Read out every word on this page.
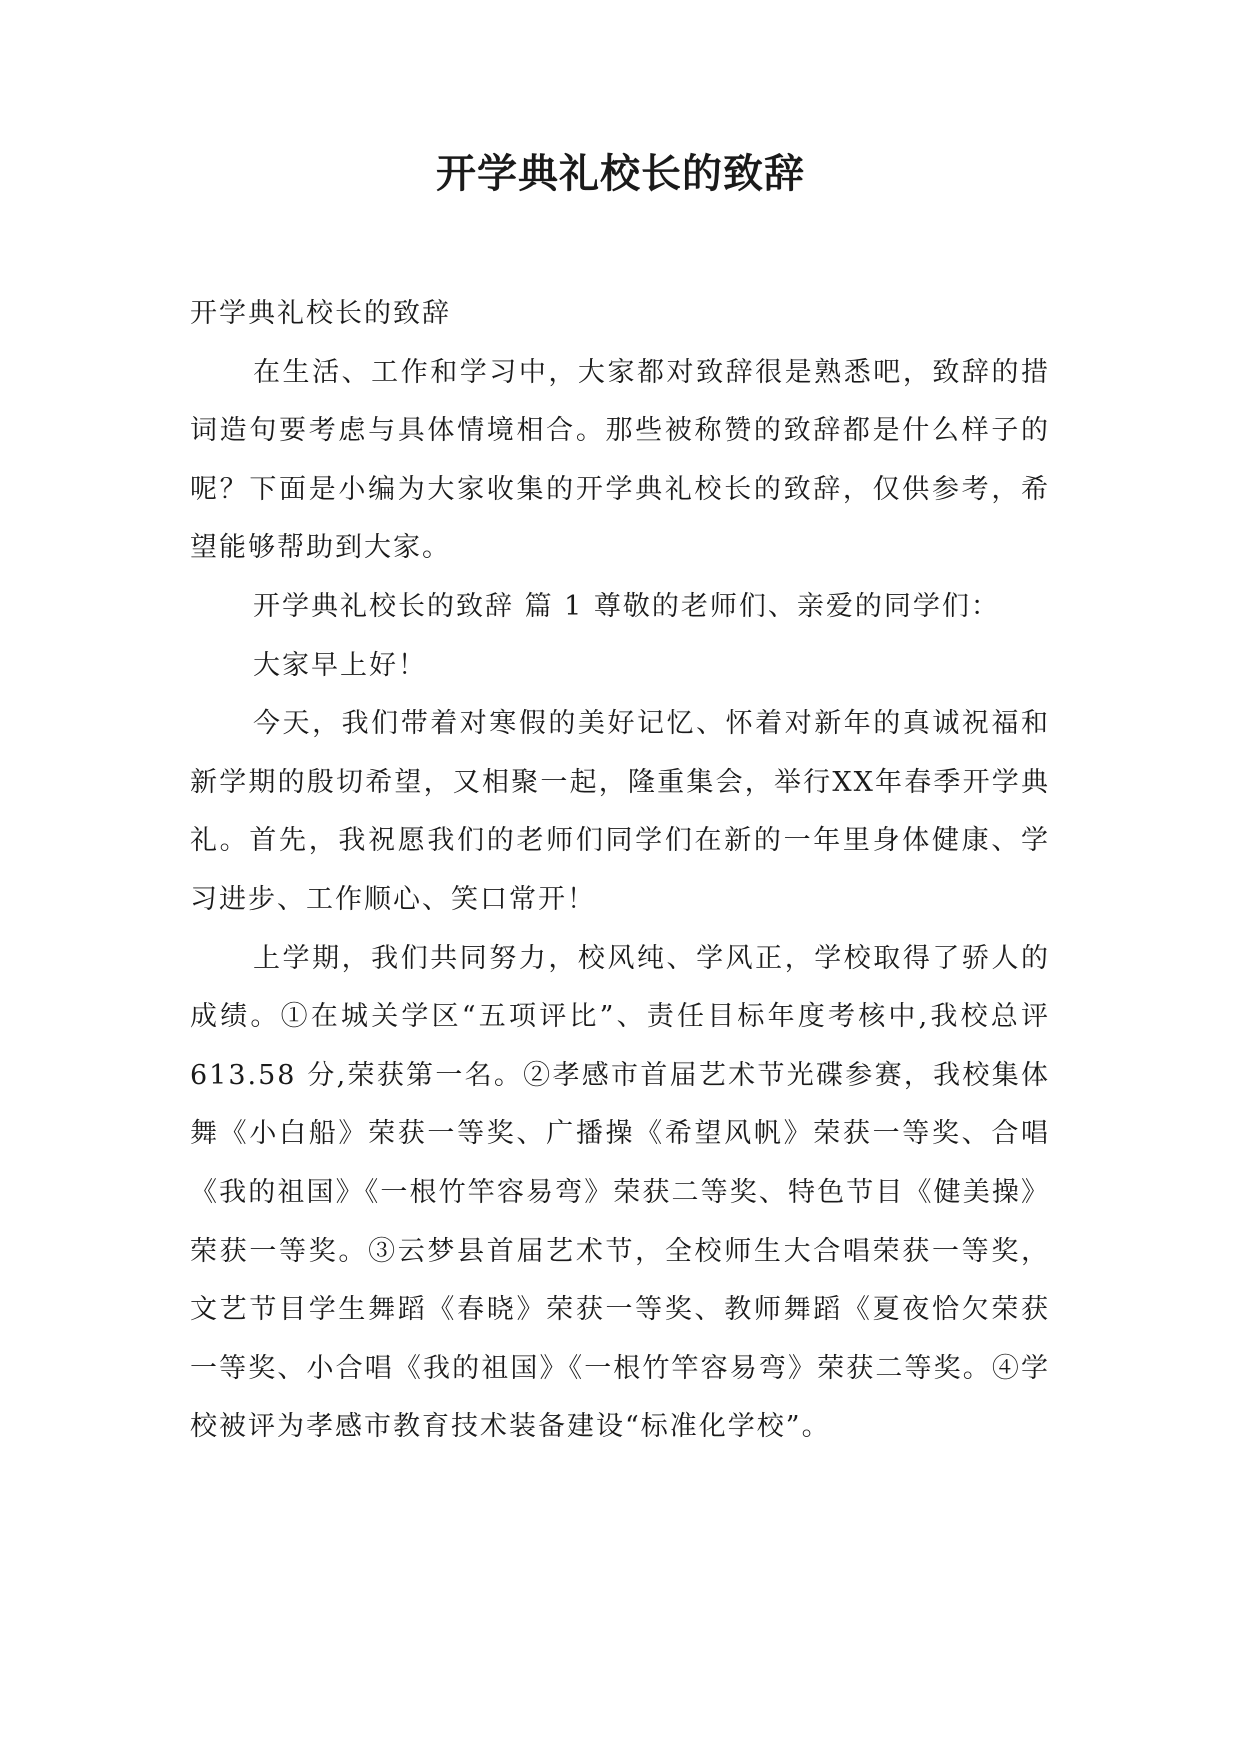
开学典礼校长的致辞

开学典礼校长的致辞

在生活、工作和学习中，大家都对致辞很是熟悉吧，致辞的措词造句要考虑与具体情境相合。那些被称赞的致辞都是什么样子的呢？下面是小编为大家收集的开学典礼校长的致辞，仅供参考，希望能够帮助到大家。

开学典礼校长的致辞 篇 1 尊敬的老师们、亲爱的同学们：

大家早上好！

今天，我们带着对寒假的美好记忆、怀着对新年的真诚祝福和新学期的殷切希望，又相聚一起，隆重集会，举行XX年春季开学典礼。首先，我祝愿我们的老师们同学们在新的一年里身体健康、学习进步、工作顺心、笑口常开！

上学期，我们共同努力，校风纯、学风正，学校取得了骄人的成绩。①在城关学区“五项评比”、责任目标年度考核中,我校总评 613.58 分,荣获第一名。②孝感市首届艺术节光碟参赛，我校集体舞《小白船》荣获一等奖、广播操《希望风帆》荣获一等奖、合唱《我的祖国》《一根竹竿容易弯》荣获二等奖、特色节目《健美操》荣获一等奖。③云梦县首届艺术节，全校师生大合唱荣获一等奖，文艺节目学生舞蹈《春晓》荣获一等奖、教师舞蹈《夏夜恰欠荣获一等奖、小合唱《我的祖国》《一根竹竿容易弯》荣获二等奖。④学校被评为孝感市教育技术装备建设“标准化学校”。
